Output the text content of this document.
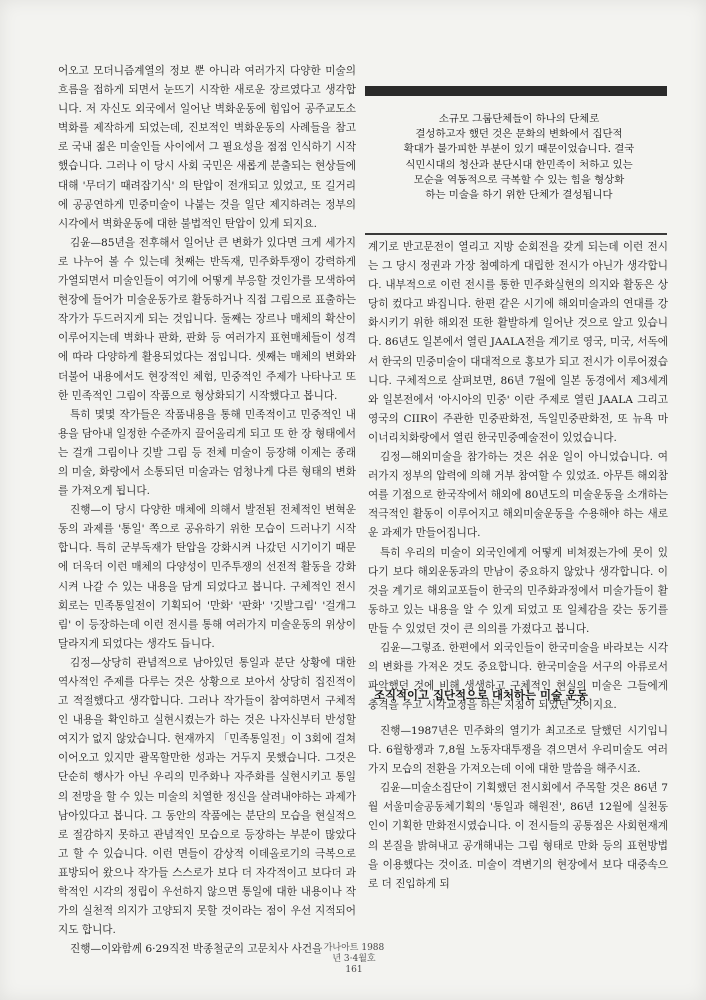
어오고 모더니즘계열의 정보 뿐 아니라 여러가지 다양한 미술의 흐름을 접하게 되면서 눈뜨기 시작한 새로운 장르였다고 생각합니다. 저 자신도 외국에서 일어난 벽화운동에 힘입어 공주교도소벽화를 제작하게 되었는데, 진보적인 벽화운동의 사례들을 참고로 국내 젊은 미술인들 사이에서 그 필요성을 점점 인식하기 시작했습니다. 그러나 이 당시 사회 국민은 새롭게 분출되는 현상들에 대해 '무더기 때려잡기식' 의 탄압이 전개되고 있었고, 또 길거리에 공공연하게 민중미술이 나붙는 것을 일단 제지하려는 정부의 시각에서 벽화운동에 대한 불법적인 탄압이 있게 되지요.

김윤—85년을 전후해서 일어난 큰 변화가 있다면 크게 세가지로 나누어 볼 수 있는데 첫째는 반독재, 민주화투쟁이 강력하게 가열되면서 미술인들이 여기에 어떻게 부응할 것인가를 모색하여 현장에 들어가 미술운동가로 활동하거나 직접 그림으로 표출하는 작가가 두드러지게 되는 것입니다. 둘째는 장르나 매체의 확산이 이루어지는데 벽화나 판화, 판화 등 여러가지 표현매체들이 성격에 따라 다양하게 활용되었다는 점입니다. 셋째는 매체의 변화와 더불어 내용에서도 현장적인 체험, 민중적인 주제가 나타나고 또한 민족적인 그림이 작품으로 형상화되기 시작했다고 봅니다.

특히 몇몇 작가들은 작품내용을 통해 민족적이고 민중적인 내용을 담아내 일정한 수준까지 끌어올리게 되고 또 한 장 형태에서는 걸개 그림이나 깃발 그림 등 전체 미술이 등장해 이제는 종래의 미술, 화랑에서 소통되던 미술과는 엄청나게 다른 형태의 변화를 가져오게 됩니다.

진행—이 당시 다양한 매체에 의해서 발전된 전체적인 변혁운동의 과제를 '통일' 쪽으로 공유하기 위한 모습이 드러나기 시작합니다. 특히 군부독재가 탄압을 강화시켜 나갔던 시기이기 때문에 더욱더 이런 매체의 다양성이 민주투쟁의 선전적 활동을 강화시켜 나갈 수 있는 내용을 담게 되었다고 봅니다. 구체적인 전시회로는 민족통일전이 기획되어 '만화' '판화' '깃발그림' '걸개그림' 이 등장하는데 이런 전시를 통해 여러가지 미술운동의 위상이 달라지게 되었다는 생각도 듭니다.

김정—상당히 관념적으로 남아있던 통일과 분단 상황에 대한 역사적인 주제를 다루는 것은 상황으로 보아서 상당히 집진적이고 적절했다고 생각합니다. 그러나 작가들이 참여하면서 구체적인 내용을 확인하고 실현시켰는가 하는 것은 나자신부터 반성할 여지가 없지 않았습니다. 현재까지 「민족통일전」이 3회에 걸쳐 이어오고 있지만 괄목할만한 성과는 거두지 못했습니다. 그것은 단순히 행사가 아닌 우리의 민주화나 자주화를 실현시키고 통일의 전망을 할 수 있는 미술의 치열한 정신을 살려내야하는 과제가 남아있다고 봅니다. 그 동안의 작품에는 분단의 모습을 현실적으로 절감하지 못하고 관념적인 모습으로 등장하는 부분이 많았다고 할 수 있습니다. 이런 면들이 감상적 이데올로기의 극복으로 표방되어 왔으나 작가들 스스로가 보다 더 자각적이고 보다더 과학적인 시각의 정립이 우선하지 않으면 통일에 대한 내용이나 작가의 실천적 의지가 고양되지 못할 것이라는 점이 우선 지적되어지도 합니다.

진행—이와함께 6·29직전 박종철군의 고문치사 사건을

소규모 그룹단체들이 하나의 단체로

결성하고자 했던 것은 문화의 변화에서 집단적

확대가 불가피한 부분이 있기 때문이었습니다. 결국

식민시대의 청산과 분단시대 한민족이 처하고 있는

모순을 역동적으로 극복할 수 있는 힘을 형상화

하는 미술을 하기 위한 단체가 결성됩니다

계기로 반고문전이 열리고 지방 순회전을 갖게 되는데 이런 전시는 그 당시 정권과 가장 첨예하게 대립한 전시가 아닌가 생각합니다. 내부적으로 이런 전시를 통한 민주화실현의 의지와 활동은 상당히 컸다고 봐집니다. 한편 같은 시기에 해외미술과의 연대를 강화시키기 위한 해외전 또한 활발하게 일어난 것으로 알고 있습니다. 86년도 일본에서 열린 JAALA전을 계기로 영국, 미국, 서독에서 한국의 민중미술이 대대적으로 홍보가 되고 전시가 이루어졌습니다. 구체적으로 살펴보면, 86년 7월에 일본 동경에서 제3세계와 일본전에서 '아시아의 민중' 이란 주제로 열린 JAALA 그리고 영국의 CIIR이 주관한 민중판화전, 독일민중판화전, 또 뉴욕 마이너리치화랑에서 열린 한국민중예술전이 있었습니다.

김정—해외미술을 참가하는 것은 쉬운 일이 아니었습니다. 여러가지 정부의 압력에 의해 거부 참여할 수 있었죠. 아무튼 해외참여를 기점으로 한국작에서 해외에 80년도의 미술운동을 소개하는 적극적인 활동이 이루어지고 해외미술운동을 수용해야 하는 새로운 과제가 만들어집니다.

특히 우리의 미술이 외국인에게 어떻게 비쳐졌는가에 못이 있다기 보다 해외운동과의 만남이 중요하지 않았나 생각합니다. 이것을 계기로 해외교포들이 한국의 민주화과정에서 미술가들이 활동하고 있는 내용을 알 수 있게 되었고 또 일체감을 갖는 동기를 만들 수 있었던 것이 큰 의의를 가졌다고 봅니다.

김윤—그렇죠. 한편에서 외국인들이 한국미술을 바라보는 시각의 변화를 가져온 것도 중요합니다. 한국미술을 서구의 아류로서 파악했던 것에 비해 생생하고 구체적인 현실의 미술은 그들에게 충격을 주고 시각교정을 하는 지침이 되었던 것이지요.

조직적이고 집단적으로 대처하는 미술 운동

진행—1987년은 민주화의 열기가 최고조로 달했던 시기입니다. 6월항쟁과 7,8월 노동자대투쟁을 겪으면서 우리미술도 여러가지 모습의 전환을 가져오는데 이에 대한 말씀을 해주시죠.

김윤—미술소집단이 기획했던 전시회에서 주목할 것은 86년 7월 서울미술공동체기획의 '통일과 해원전', 86년 12월에 실천동인이 기획한 만화전시였습니다. 이 전시들의 공통점은 사회현재계의 본질을 밝혀내고 공개해내는 그림 형태로 만화 등의 표현방법을 이용했다는 것이죠. 미술이 격변기의 현장에서 보다 대중속으로 더 진입하게 되

가나아트 1988년 3·4월호
161
